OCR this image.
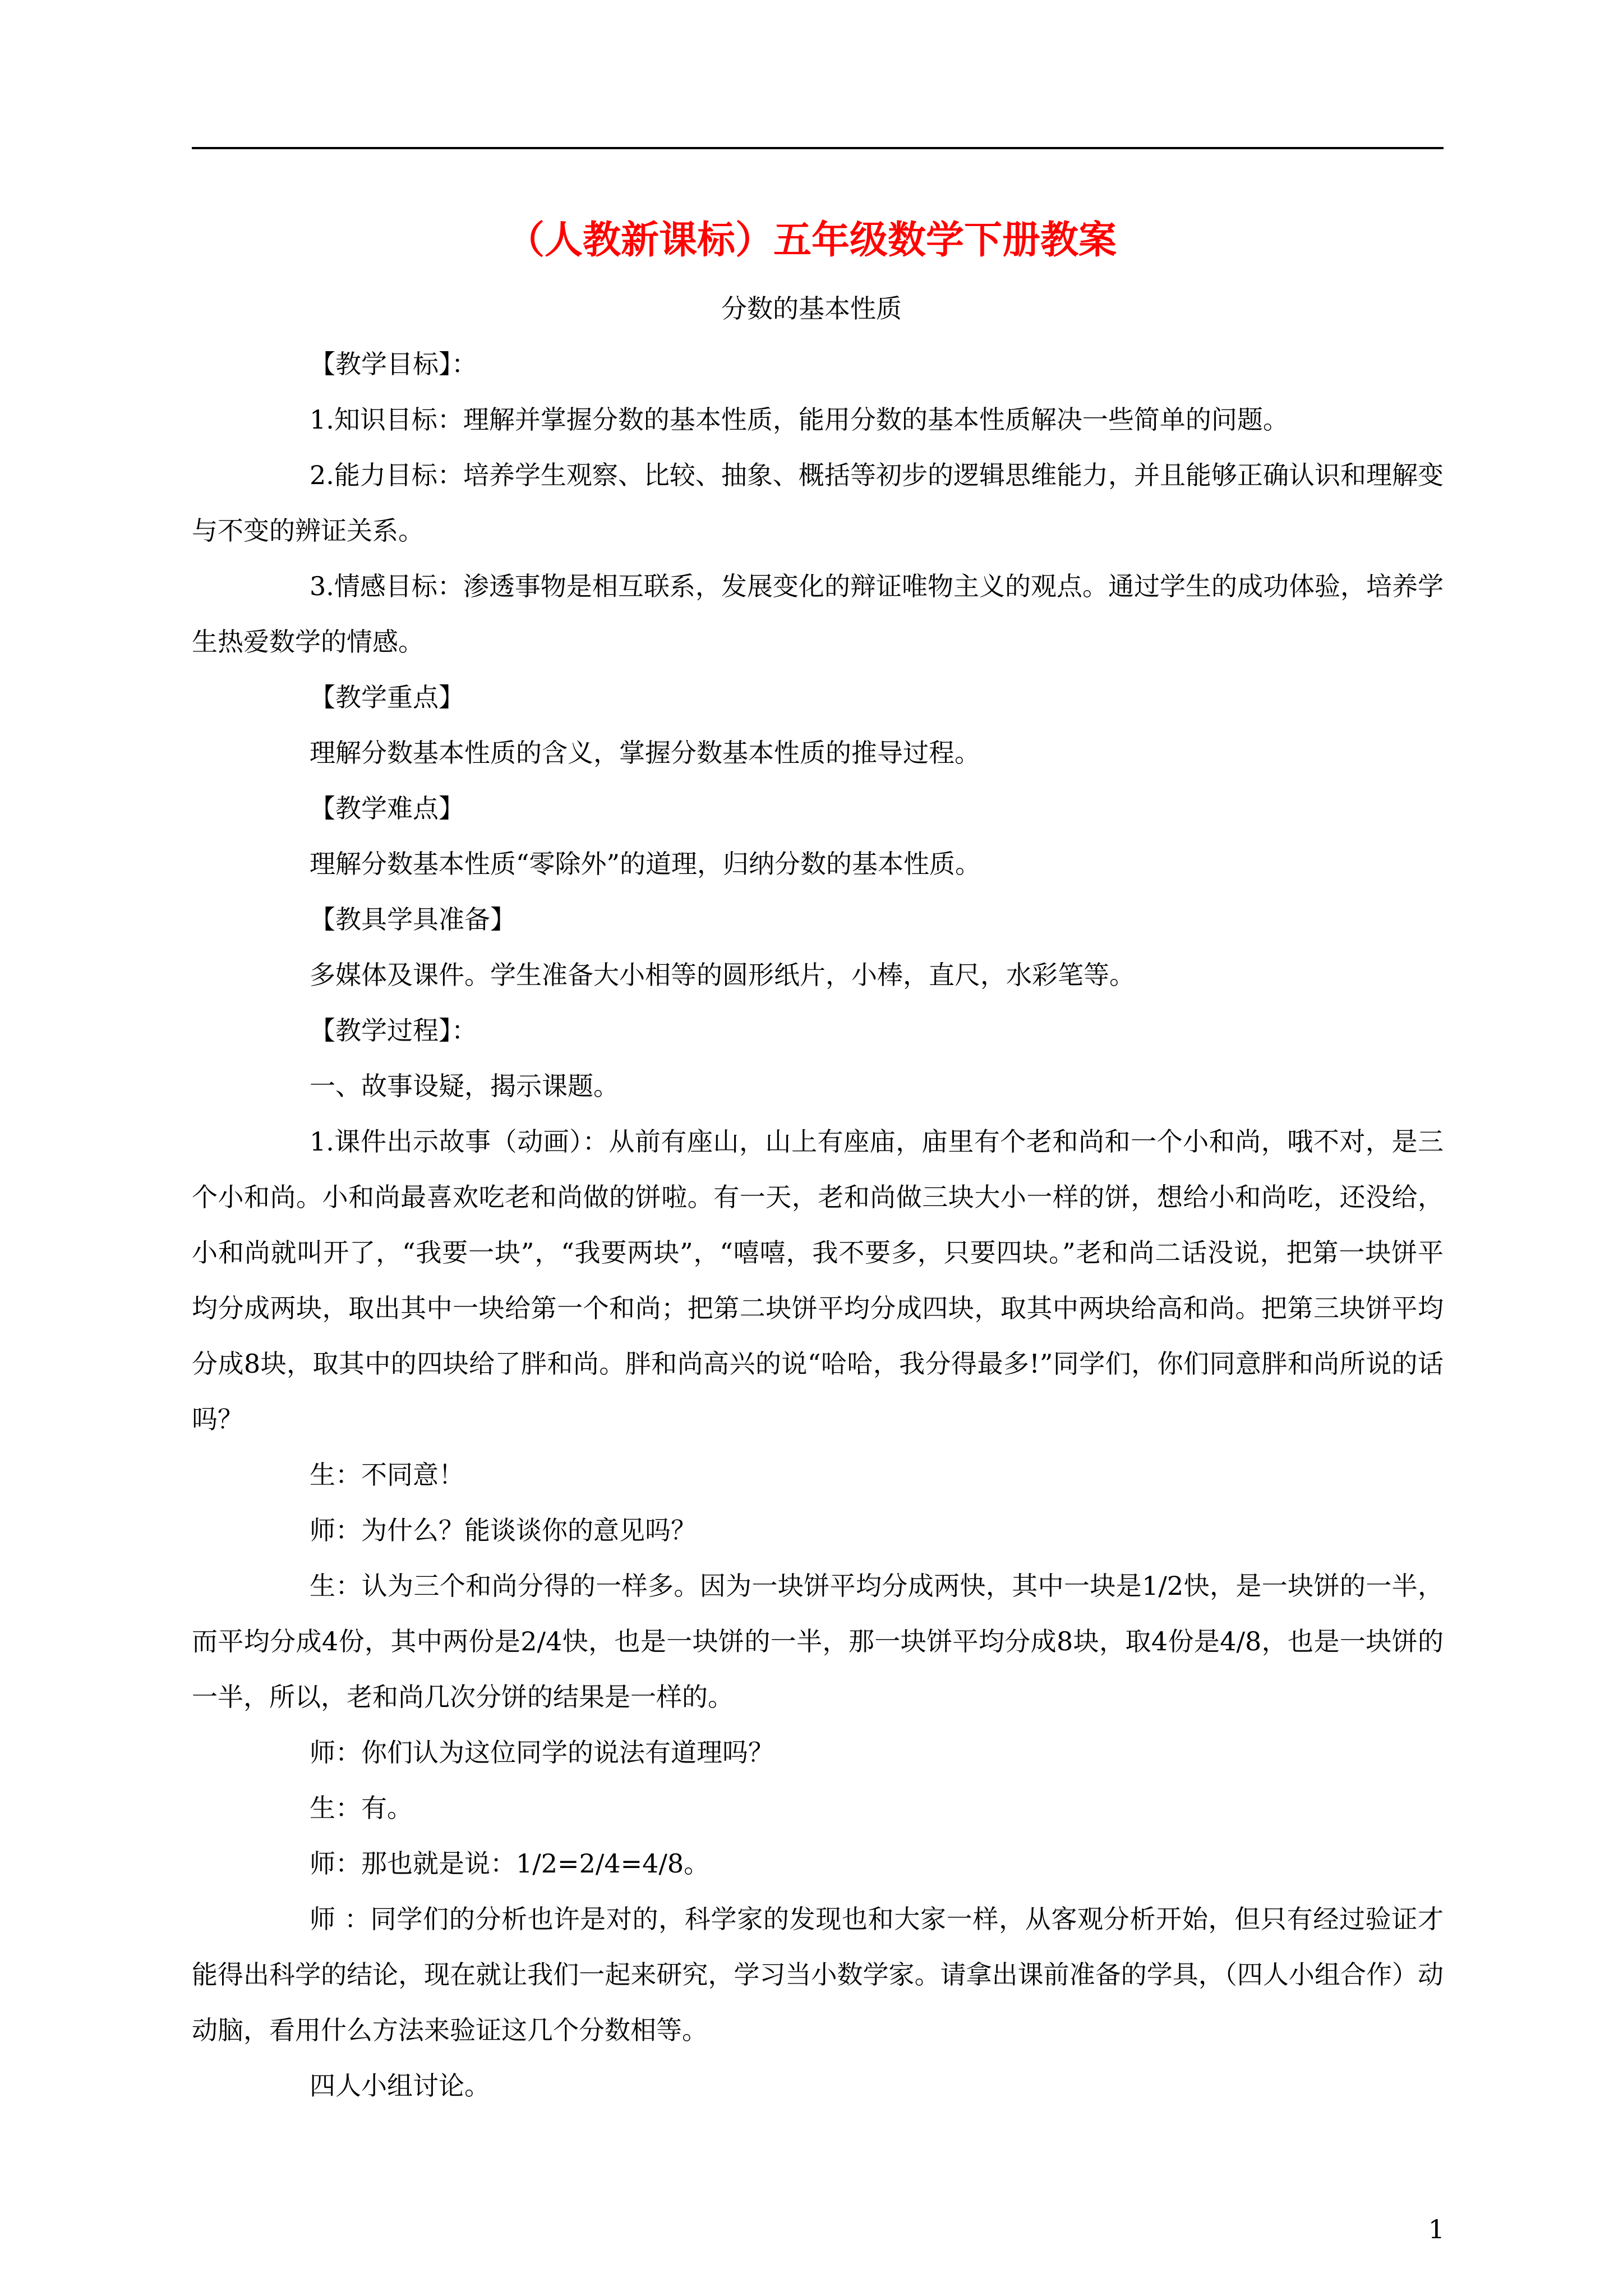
（人教新课标）五年级数学下册教案
分数的基本性质

【教学目标】：

1.知识目标：理解并掌握分数的基本性质，能用分数的基本性质解决一些简单的问题。

2.能力目标：培养学生观察、比较、抽象、概括等初步的逻辑思维能力，并且能够正确认识和理解变与不变的辨证关系。

3.情感目标：渗透事物是相互联系，发展变化的辩证唯物主义的观点。通过学生的成功体验，培养学生热爱数学的情感。

【教学重点】

理解分数基本性质的含义，掌握分数基本性质的推导过程。

【教学难点】

理解分数基本性质“零除外”的道理，归纳分数的基本性质。

【教具学具准备】

多媒体及课件。学生准备大小相等的圆形纸片，小棒，直尺，水彩笔等。

【教学过程】：

一、故事设疑，揭示课题。

1.课件出示故事（动画）：从前有座山，山上有座庙，庙里有个老和尚和一个小和尚，哦不对，是三个小和尚。小和尚最喜欢吃老和尚做的饼啦。有一天，老和尚做三块大小一样的饼，想给小和尚吃，还没给，小和尚就叫开了，“我要一块”，“我要两块”，“嘻嘻，我不要多，只要四块。”老和尚二话没说，把第一块饼平均分成两块，取出其中一块给第一个和尚；把第二块饼平均分成四块，取其中两块给高和尚。把第三块饼平均分成8块，取其中的四块给了胖和尚。胖和尚高兴的说“哈哈，我分得最多!”同学们，你们同意胖和尚所说的话吗？

生：不同意！

师：为什么？能谈谈你的意见吗？

生：认为三个和尚分得的一样多。因为一块饼平均分成两快，其中一块是1/2快，是一块饼的一半，而平均分成4份，其中两份是2/4快，也是一块饼的一半，那一块饼平均分成8块，取4份是4/8，也是一块饼的一半，所以，老和尚几次分饼的结果是一样的。

师：你们认为这位同学的说法有道理吗？

生：有。

师：那也就是说：1/2=2/4=4/8。

师 ：同学们的分析也许是对的，科学家的发现也和大家一样，从客观分析开始，但只有经过验证才能得出科学的结论，现在就让我们一起来研究，学习当小数学家。请拿出课前准备的学具，（四人小组合作）动动脑，看用什么方法来验证这几个分数相等。

四人小组讨论。

1
